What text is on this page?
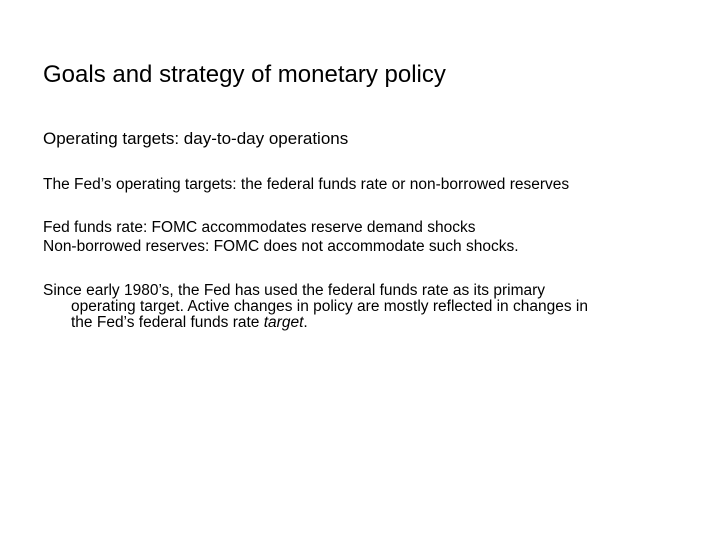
Goals and strategy of monetary policy
Operating targets: day-to-day operations
The Fed’s operating targets: the federal funds rate or non-borrowed reserves
Fed funds rate: FOMC accommodates reserve demand shocks
Non-borrowed reserves: FOMC does not accommodate such shocks.
Since early 1980’s, the Fed has used the federal funds rate as its primary
operating target. Active changes in policy are mostly reflected in changes in
the Fed’s federal funds rate target.
